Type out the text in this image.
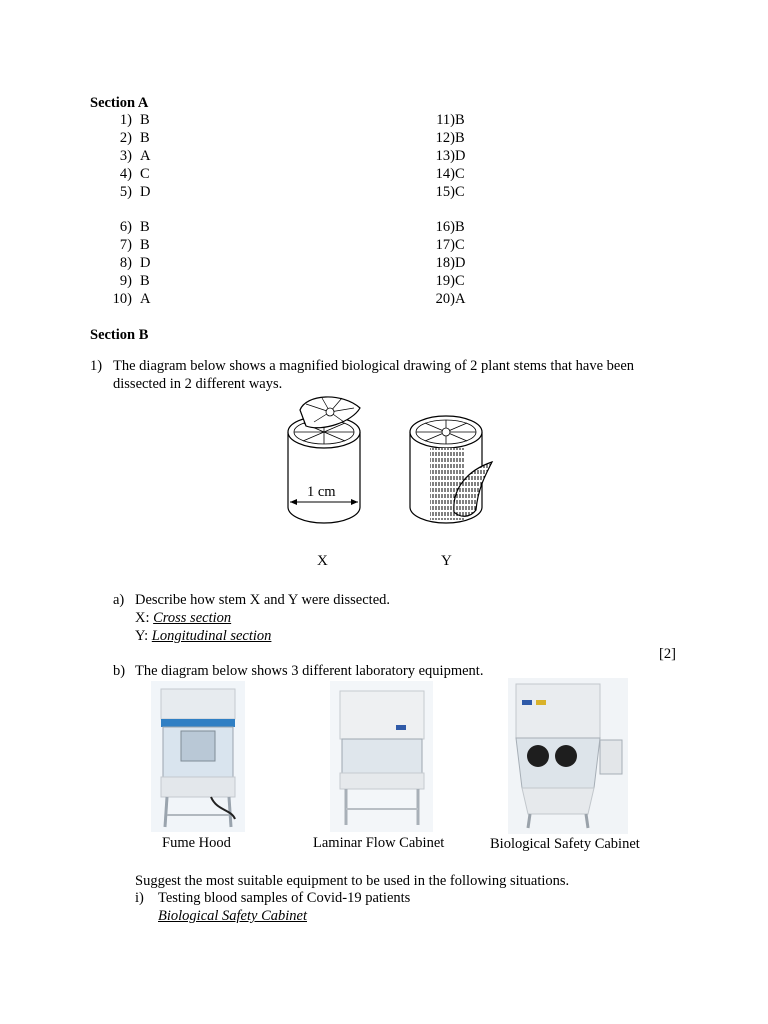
Section A
1) B
2) B
3) A
4) C
5) D
6) B
7) B
8) D
9) B
10) A
11) B
12) B
13) D
14) C
15) C
16) B
17) C
18) D
19) C
20) A
Section B
1) The diagram below shows a magnified biological drawing of 2 plant stems that have been
dissected in 2 different ways.
1 cm
X	Y
a) Describe how stem X and Y were dissected.
X: Cross section
Y: Longitudinal section
[2]
b) The diagram below shows 3 different laboratory equipment.
Fume Hood	Laminar Flow Cabinet	Biological Safety Cabinet
Suggest the most suitable equipment to be used in the following situations.
i) Testing blood samples of Covid-19 patients
Biological Safety Cabinet
